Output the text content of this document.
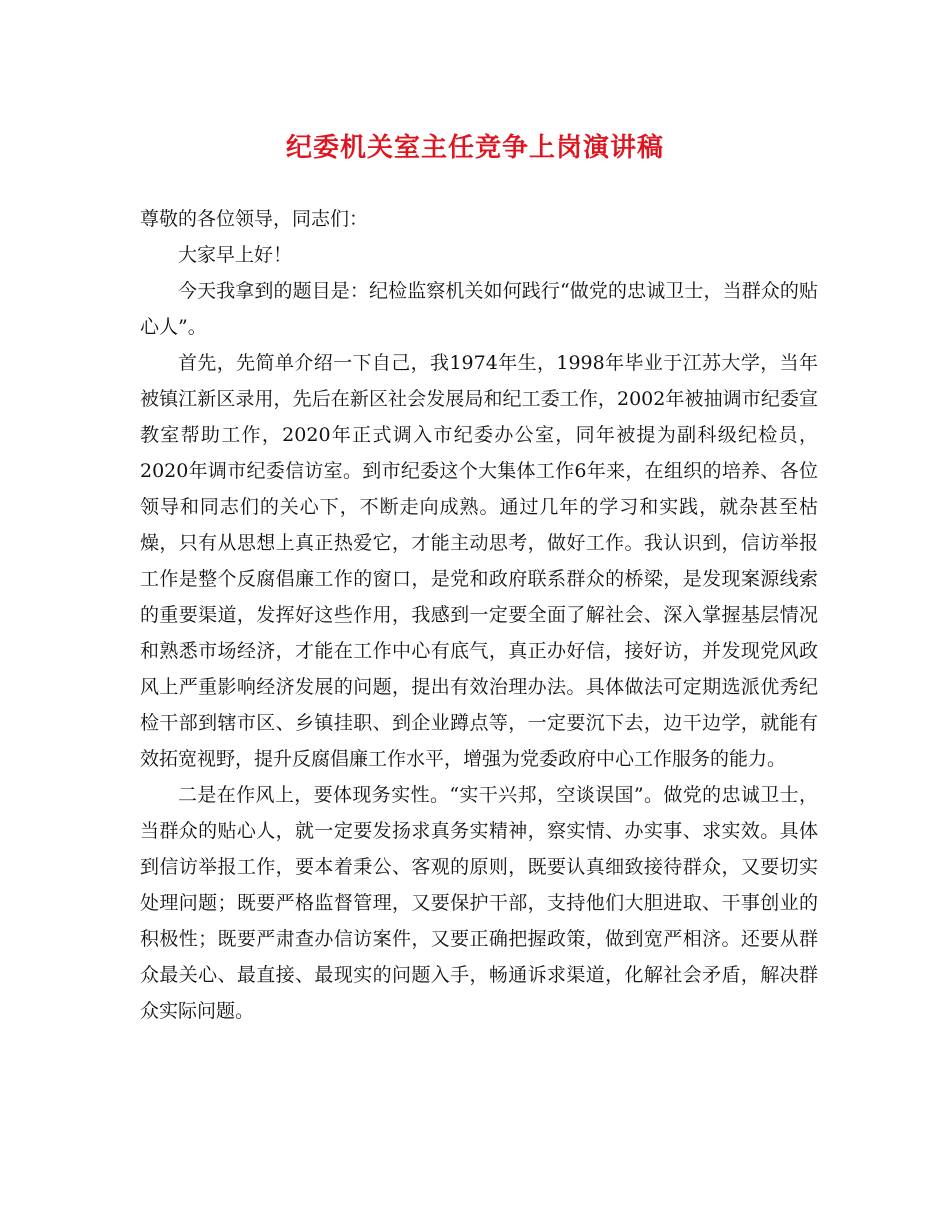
纪委机关室主任竞争上岗演讲稿

尊敬的各位领导，同志们：

大家早上好！

今天我拿到的题目是：纪检监察机关如何践行“做党的忠诚卫士，当群众的贴心人”。

首先，先简单介绍一下自己，我1974年生，1998年毕业于江苏大学，当年被镇江新区录用，先后在新区社会发展局和纪工委工作，2002年被抽调市纪委宣教室帮助工作，2020年正式调入市纪委办公室，同年被提为副科级纪检员，2020年调市纪委信访室。到市纪委这个大集体工作6年来，在组织的培养、各位领导和同志们的关心下，不断走向成熟。通过几年的学习和实践，就杂甚至枯燥，只有从思想上真正热爱它，才能主动思考，做好工作。我认识到，信访举报工作是整个反腐倡廉工作的窗口，是党和政府联系群众的桥梁，是发现案源线索的重要渠道，发挥好这些作用，我感到一定要全面了解社会、深入掌握基层情况和熟悉市场经济，才能在工作中心有底气，真正办好信，接好访，并发现党风政风上严重影响经济发展的问题，提出有效治理办法。具体做法可定期选派优秀纪检干部到辖市区、乡镇挂职、到企业蹲点等，一定要沉下去，边干边学，就能有效拓宽视野，提升反腐倡廉工作水平，增强为党委政府中心工作服务的能力。

二是在作风上，要体现务实性。“实干兴邦，空谈误国”。做党的忠诚卫士，当群众的贴心人，就一定要发扬求真务实精神，察实情、办实事、求实效。具体到信访举报工作，要本着秉公、客观的原则，既要认真细致接待群众，又要切实处理问题；既要严格监督管理，又要保护干部，支持他们大胆进取、干事创业的积极性；既要严肃查办信访案件，又要正确把握政策，做到宽严相济。还要从群众最关心、最直接、最现实的问题入手，畅通诉求渠道，化解社会矛盾，解决群众实际问题。
